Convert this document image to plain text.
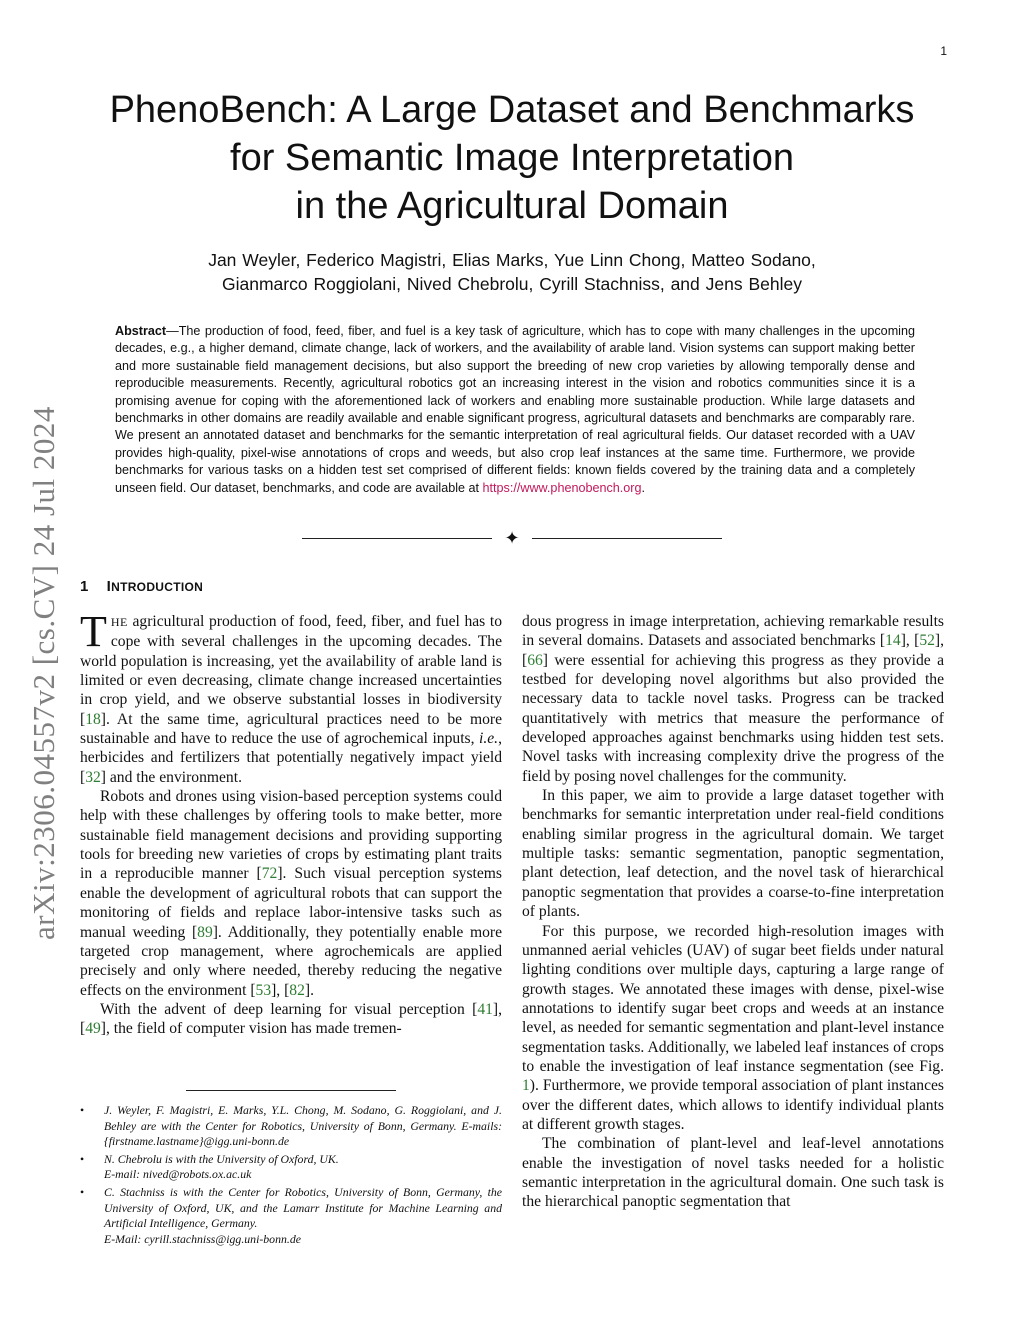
1
arXiv:2306.04557v2 [cs.CV] 24 Jul 2024
PhenoBench: A Large Dataset and Benchmarks
for Semantic Image Interpretation
in the Agricultural Domain
Jan Weyler, Federico Magistri, Elias Marks, Yue Linn Chong, Matteo Sodano,
Gianmarco Roggiolani, Nived Chebrolu, Cyrill Stachniss, and Jens Behley
Abstract—The production of food, feed, fiber, and fuel is a key task of agriculture, which has to cope with many challenges in the upcoming decades, e.g., a higher demand, climate change, lack of workers, and the availability of arable land. Vision systems can support making better and more sustainable field management decisions, but also support the breeding of new crop varieties by allowing temporally dense and reproducible measurements. Recently, agricultural robotics got an increasing interest in the vision and robotics communities since it is a promising avenue for coping with the aforementioned lack of workers and enabling more sustainable production. While large datasets and benchmarks in other domains are readily available and enable significant progress, agricultural datasets and benchmarks are comparably rare. We present an annotated dataset and benchmarks for the semantic interpretation of real agricultural fields. Our dataset recorded with a UAV provides high-quality, pixel-wise annotations of crops and weeds, but also crop leaf instances at the same time. Furthermore, we provide benchmarks for various tasks on a hidden test set comprised of different fields: known fields covered by the training data and a completely unseen field. Our dataset, benchmarks, and code are available at https://www.phenobench.org.
✦
1 INTRODUCTION

THE agricultural production of food, feed, fiber, and fuel has to cope with several challenges in the upcoming decades. The world population is increasing, yet the availability of arable land is limited or even decreasing, climate change increased uncertainties in crop yield, and we observe substantial losses in biodiversity [18]. At the same time, agricultural practices need to be more sustainable and have to reduce the use of agrochemical inputs, i.e., herbicides and fertilizers that potentially negatively impact yield [32] and the environment.

Robots and drones using vision-based perception systems could help with these challenges by offering tools to make better, more sustainable field management decisions and providing supporting tools for breeding new varieties of crops by estimating plant traits in a reproducible manner [72]. Such visual perception systems enable the development of agricultural robots that can support the monitoring of fields and replace labor-intensive tasks such as manual weeding [89]. Additionally, they potentially enable more targeted crop management, where agrochemicals are applied precisely and only where needed, thereby reducing the negative effects on the environment [53], [82].

With the advent of deep learning for visual perception [41], [49], the field of computer vision has made tremen-

• J. Weyler, F. Magistri, E. Marks, Y.L. Chong, M. Sodano, G. Roggiolani, and J. Behley are with the Center for Robotics, University of Bonn, Germany. E-mails: {firstname.lastname}@igg.uni-bonn.de
• N. Chebrolu is with the University of Oxford, UK.
E-mail: nived@robots.ox.ac.uk
• C. Stachniss is with the Center for Robotics, University of Bonn, Germany, the University of Oxford, UK, and the Lamarr Institute for Machine Learning and Artificial Intelligence, Germany.
E-Mail: cyrill.stachniss@igg.uni-bonn.de

dous progress in image interpretation, achieving remarkable results in several domains. Datasets and associated benchmarks [14], [52], [66] were essential for achieving this progress as they provide a testbed for developing novel algorithms but also provided the necessary data to tackle novel tasks. Progress can be tracked quantitatively with metrics that measure the performance of developed approaches against benchmarks using hidden test sets. Novel tasks with increasing complexity drive the progress of the field by posing novel challenges for the community.

In this paper, we aim to provide a large dataset together with benchmarks for semantic interpretation under real-field conditions enabling similar progress in the agricultural domain. We target multiple tasks: semantic segmentation, panoptic segmentation, plant detection, leaf detection, and the novel task of hierarchical panoptic segmentation that provides a coarse-to-fine interpretation of plants.

For this purpose, we recorded high-resolution images with unmanned aerial vehicles (UAV) of sugar beet fields under natural lighting conditions over multiple days, capturing a large range of growth stages. We annotated these images with dense, pixel-wise annotations to identify sugar beet crops and weeds at an instance level, as needed for semantic segmentation and plant-level instance segmentation tasks. Additionally, we labeled leaf instances of crops to enable the investigation of leaf instance segmentation (see Fig. 1). Furthermore, we provide temporal association of plant instances over the different dates, which allows to identify individual plants at different growth stages.

The combination of plant-level and leaf-level annotations enable the investigation of novel tasks needed for a holistic semantic interpretation in the agricultural domain. One such task is the hierarchical panoptic segmentation that
